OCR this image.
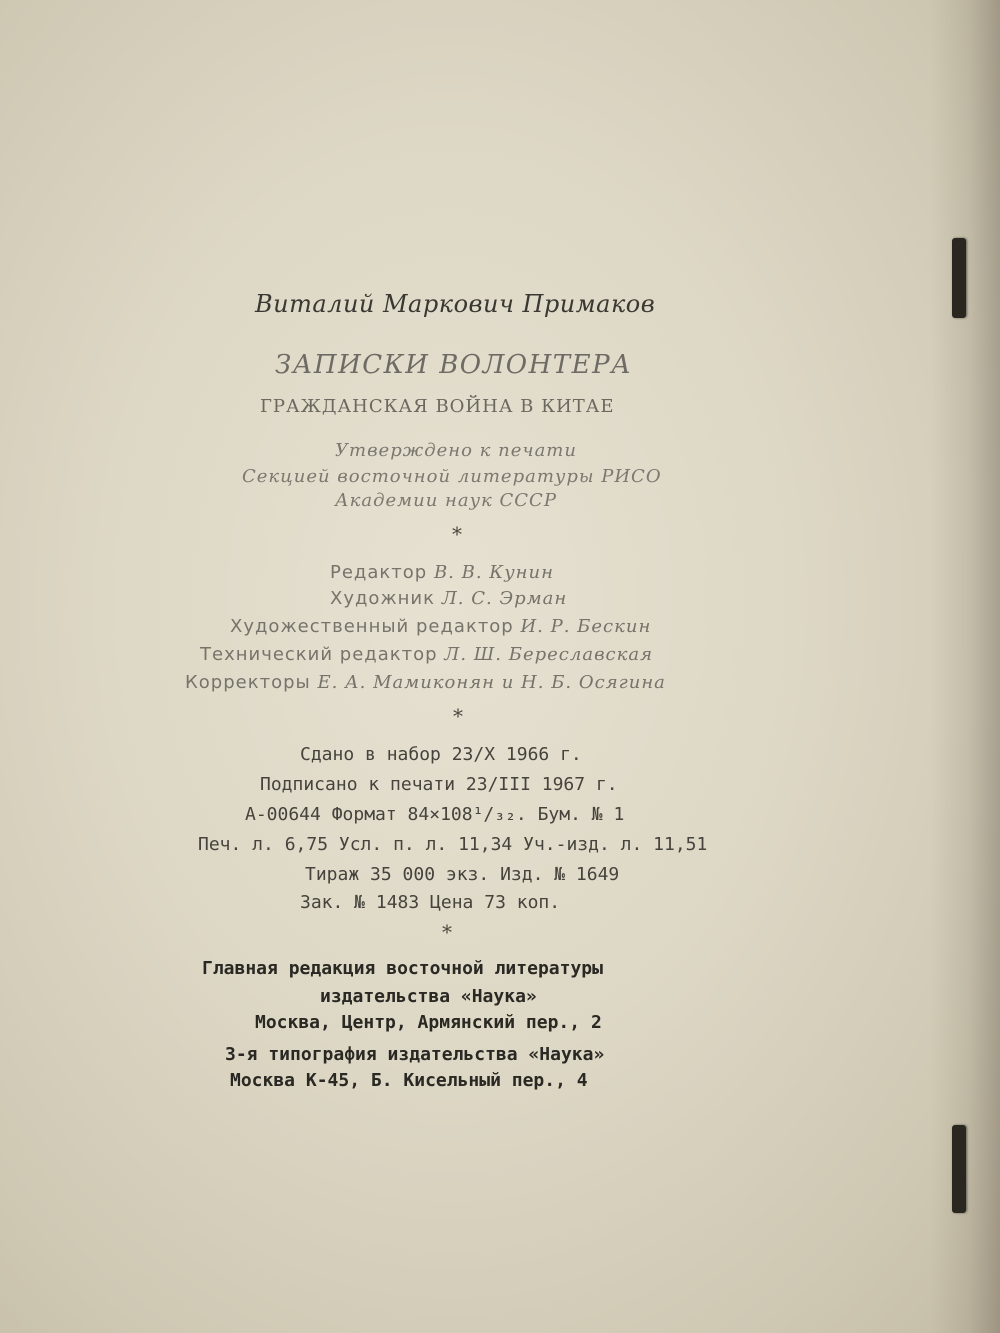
Виталий Маркович Примаков
ЗАПИСКИ ВОЛОНТЕРА
ГРАЖДАНСКАЯ ВОЙНА В КИТАЕ
Утверждено к печати
Секцией восточной литературы РИСО
Академии наук СССР
*
Редактор В. В. Кунин
Художник Л. С. Эрман
Художественный редактор И. Р. Бескин
Технический редактор Л. Ш. Береславская
Корректоры Е. А. Мамиконян и Н. Б. Осягина
*
Сдано в набор 23/X 1966 г.
Подписано к печати 23/III 1967 г.
А-00644 Формат 84×108¹/₃₂. Бум. № 1
Печ. л. 6,75 Усл. п. л. 11,34 Уч.-изд. л. 11,51
Тираж 35 000 экз. Изд. № 1649
Зак. № 1483 Цена 73 коп.
*
Главная редакция восточной литературы
издательства «Наука»
Москва, Центр, Армянский пер., 2
3-я типография издательства «Наука»
Москва К-45, Б. Кисельный пер., 4
